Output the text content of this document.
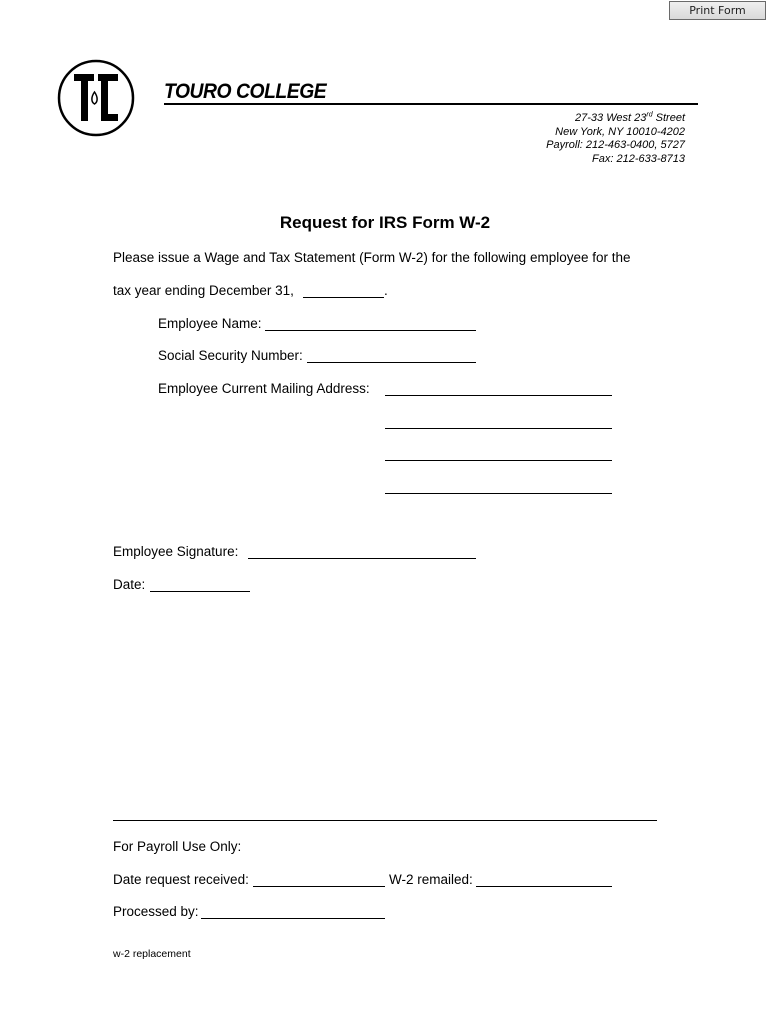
Print Form
TOURO COLLEGE
27-33 West 23rd Street
New York, NY 10010-4202
Payroll: 212-463-0400, 5727
Fax: 212-633-8713
Request for IRS Form W-2
Please issue a Wage and Tax Statement (Form W-2) for the following employee for the
tax year ending December 31,	.
Employee Name:
Social Security Number:
Employee Current Mailing Address:
Employee Signature:
Date:
For Payroll Use Only:
Date request received:	W-2 remailed:
Processed by:
w-2 replacement
